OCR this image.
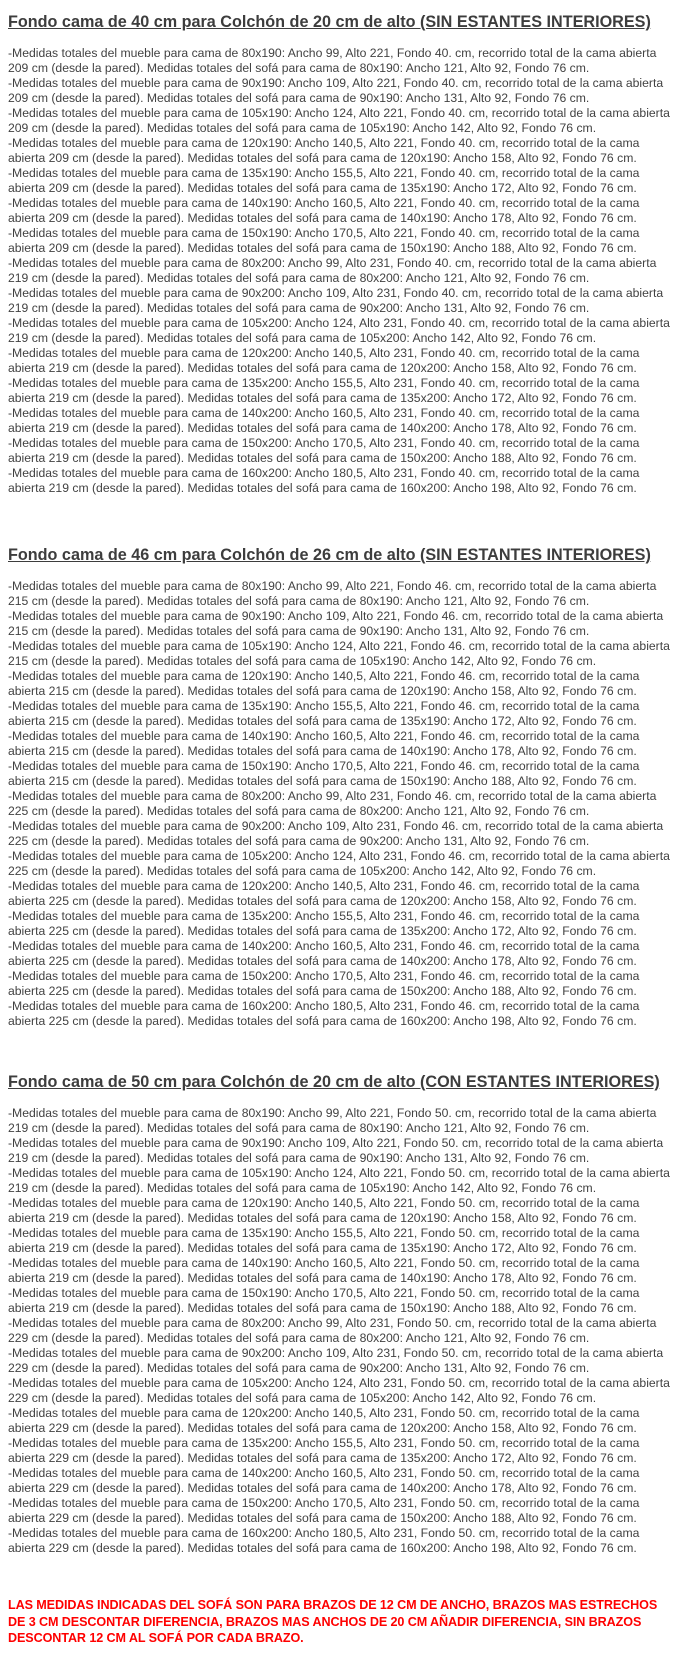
Fondo cama de 40 cm para Colchón de 20 cm de alto (SIN ESTANTES INTERIORES)
-Medidas totales del mueble para cama de 80x190: Ancho 99, Alto 221, Fondo 40. cm, recorrido total de la cama abierta 209 cm (desde la pared). Medidas totales del sofá para cama de 80x190: Ancho 121, Alto 92, Fondo 76 cm.
-Medidas totales del mueble para cama de 90x190: Ancho 109, Alto 221, Fondo 40. cm, recorrido total de la cama abierta 209 cm (desde la pared). Medidas totales del sofá para cama de 90x190: Ancho 131, Alto 92, Fondo 76 cm.
-Medidas totales del mueble para cama de 105x190: Ancho 124, Alto 221, Fondo 40. cm, recorrido total de la cama abierta 209 cm (desde la pared). Medidas totales del sofá para cama de 105x190: Ancho 142, Alto 92, Fondo 76 cm.
-Medidas totales del mueble para cama de 120x190: Ancho 140,5, Alto 221, Fondo 40. cm, recorrido total de la cama abierta 209 cm (desde la pared). Medidas totales del sofá para cama de 120x190: Ancho 158, Alto 92, Fondo 76 cm.
-Medidas totales del mueble para cama de 135x190: Ancho 155,5, Alto 221, Fondo 40. cm, recorrido total de la cama abierta 209 cm (desde la pared). Medidas totales del sofá para cama de 135x190: Ancho 172, Alto 92, Fondo 76 cm.
-Medidas totales del mueble para cama de 140x190: Ancho 160,5, Alto 221, Fondo 40. cm, recorrido total de la cama abierta 209 cm (desde la pared). Medidas totales del sofá para cama de 140x190: Ancho 178, Alto 92, Fondo 76 cm.
-Medidas totales del mueble para cama de 150x190: Ancho 170,5, Alto 221, Fondo 40. cm, recorrido total de la cama abierta 209 cm (desde la pared). Medidas totales del sofá para cama de 150x190: Ancho 188, Alto 92, Fondo 76 cm.
-Medidas totales del mueble para cama de 80x200: Ancho 99, Alto 231, Fondo 40. cm, recorrido total de la cama abierta 219 cm (desde la pared). Medidas totales del sofá para cama de 80x200: Ancho 121, Alto 92, Fondo 76 cm.
-Medidas totales del mueble para cama de 90x200: Ancho 109, Alto 231, Fondo 40. cm, recorrido total de la cama abierta 219 cm (desde la pared). Medidas totales del sofá para cama de 90x200: Ancho 131, Alto 92, Fondo 76 cm.
-Medidas totales del mueble para cama de 105x200: Ancho 124, Alto 231, Fondo 40. cm, recorrido total de la cama abierta 219 cm (desde la pared). Medidas totales del sofá para cama de 105x200: Ancho 142, Alto 92, Fondo 76 cm.
-Medidas totales del mueble para cama de 120x200: Ancho 140,5, Alto 231, Fondo 40. cm, recorrido total de la cama abierta 219 cm (desde la pared). Medidas totales del sofá para cama de 120x200: Ancho 158, Alto 92, Fondo 76 cm.
-Medidas totales del mueble para cama de 135x200: Ancho 155,5, Alto 231, Fondo 40. cm, recorrido total de la cama abierta 219 cm (desde la pared). Medidas totales del sofá para cama de 135x200: Ancho 172, Alto 92, Fondo 76 cm.
-Medidas totales del mueble para cama de 140x200: Ancho 160,5, Alto 231, Fondo 40. cm, recorrido total de la cama abierta 219 cm (desde la pared). Medidas totales del sofá para cama de 140x200: Ancho 178, Alto 92, Fondo 76 cm.
-Medidas totales del mueble para cama de 150x200: Ancho 170,5, Alto 231, Fondo 40. cm, recorrido total de la cama abierta 219 cm (desde la pared). Medidas totales del sofá para cama de 150x200: Ancho 188, Alto 92, Fondo 76 cm.
-Medidas totales del mueble para cama de 160x200: Ancho 180,5, Alto 231, Fondo 40. cm, recorrido total de la cama abierta 219 cm (desde la pared). Medidas totales del sofá para cama de 160x200: Ancho 198, Alto 92, Fondo 76 cm.
Fondo cama de 46 cm para Colchón de 26 cm de alto (SIN ESTANTES INTERIORES)
-Medidas totales del mueble para cama de 80x190: Ancho 99, Alto 221, Fondo 46. cm, recorrido total de la cama abierta 215 cm (desde la pared). Medidas totales del sofá para cama de 80x190: Ancho 121, Alto 92, Fondo 76 cm.
-Medidas totales del mueble para cama de 90x190: Ancho 109, Alto 221, Fondo 46. cm, recorrido total de la cama abierta 215 cm (desde la pared). Medidas totales del sofá para cama de 90x190: Ancho 131, Alto 92, Fondo 76 cm.
-Medidas totales del mueble para cama de 105x190: Ancho 124, Alto 221, Fondo 46. cm, recorrido total de la cama abierta 215 cm (desde la pared). Medidas totales del sofá para cama de 105x190: Ancho 142, Alto 92, Fondo 76 cm.
-Medidas totales del mueble para cama de 120x190: Ancho 140,5, Alto 221, Fondo 46. cm, recorrido total de la cama abierta 215 cm (desde la pared). Medidas totales del sofá para cama de 120x190: Ancho 158, Alto 92, Fondo 76 cm.
-Medidas totales del mueble para cama de 135x190: Ancho 155,5, Alto 221, Fondo 46. cm, recorrido total de la cama abierta 215 cm (desde la pared). Medidas totales del sofá para cama de 135x190: Ancho 172, Alto 92, Fondo 76 cm.
-Medidas totales del mueble para cama de 140x190: Ancho 160,5, Alto 221, Fondo 46. cm, recorrido total de la cama abierta 215 cm (desde la pared). Medidas totales del sofá para cama de 140x190: Ancho 178, Alto 92, Fondo 76 cm.
-Medidas totales del mueble para cama de 150x190: Ancho 170,5, Alto 221, Fondo 46. cm, recorrido total de la cama abierta 215 cm (desde la pared). Medidas totales del sofá para cama de 150x190: Ancho 188, Alto 92, Fondo 76 cm.
-Medidas totales del mueble para cama de 80x200: Ancho 99, Alto 231, Fondo 46. cm, recorrido total de la cama abierta 225 cm (desde la pared). Medidas totales del sofá para cama de 80x200: Ancho 121, Alto 92, Fondo 76 cm.
-Medidas totales del mueble para cama de 90x200: Ancho 109, Alto 231, Fondo 46. cm, recorrido total de la cama abierta 225 cm (desde la pared). Medidas totales del sofá para cama de 90x200: Ancho 131, Alto 92, Fondo 76 cm.
-Medidas totales del mueble para cama de 105x200: Ancho 124, Alto 231, Fondo 46. cm, recorrido total de la cama abierta 225 cm (desde la pared). Medidas totales del sofá para cama de 105x200: Ancho 142, Alto 92, Fondo 76 cm.
-Medidas totales del mueble para cama de 120x200: Ancho 140,5, Alto 231, Fondo 46. cm, recorrido total de la cama abierta 225 cm (desde la pared). Medidas totales del sofá para cama de 120x200: Ancho 158, Alto 92, Fondo 76 cm.
-Medidas totales del mueble para cama de 135x200: Ancho 155,5, Alto 231, Fondo 46. cm, recorrido total de la cama abierta 225 cm (desde la pared). Medidas totales del sofá para cama de 135x200: Ancho 172, Alto 92, Fondo 76 cm.
-Medidas totales del mueble para cama de 140x200: Ancho 160,5, Alto 231, Fondo 46. cm, recorrido total de la cama abierta 225 cm (desde la pared). Medidas totales del sofá para cama de 140x200: Ancho 178, Alto 92, Fondo 76 cm.
-Medidas totales del mueble para cama de 150x200: Ancho 170,5, Alto 231, Fondo 46. cm, recorrido total de la cama abierta 225 cm (desde la pared). Medidas totales del sofá para cama de 150x200: Ancho 188, Alto 92, Fondo 76 cm.
-Medidas totales del mueble para cama de 160x200: Ancho 180,5, Alto 231, Fondo 46. cm, recorrido total de la cama abierta 225 cm (desde la pared). Medidas totales del sofá para cama de 160x200: Ancho 198, Alto 92, Fondo 76 cm.
Fondo cama de 50 cm para Colchón de 20 cm de alto (CON ESTANTES INTERIORES)
-Medidas totales del mueble para cama de 80x190: Ancho 99, Alto 221, Fondo 50. cm, recorrido total de la cama abierta 219 cm (desde la pared). Medidas totales del sofá para cama de 80x190: Ancho 121, Alto 92, Fondo 76 cm.
-Medidas totales del mueble para cama de 90x190: Ancho 109, Alto 221, Fondo 50. cm, recorrido total de la cama abierta 219 cm (desde la pared). Medidas totales del sofá para cama de 90x190: Ancho 131, Alto 92, Fondo 76 cm.
-Medidas totales del mueble para cama de 105x190: Ancho 124, Alto 221, Fondo 50. cm, recorrido total de la cama abierta 219 cm (desde la pared). Medidas totales del sofá para cama de 105x190: Ancho 142, Alto 92, Fondo 76 cm.
-Medidas totales del mueble para cama de 120x190: Ancho 140,5, Alto 221, Fondo 50. cm, recorrido total de la cama abierta 219 cm (desde la pared). Medidas totales del sofá para cama de 120x190: Ancho 158, Alto 92, Fondo 76 cm.
-Medidas totales del mueble para cama de 135x190: Ancho 155,5, Alto 221, Fondo 50. cm, recorrido total de la cama abierta 219 cm (desde la pared). Medidas totales del sofá para cama de 135x190: Ancho 172, Alto 92, Fondo 76 cm.
-Medidas totales del mueble para cama de 140x190: Ancho 160,5, Alto 221, Fondo 50. cm, recorrido total de la cama abierta 219 cm (desde la pared). Medidas totales del sofá para cama de 140x190: Ancho 178, Alto 92, Fondo 76 cm.
-Medidas totales del mueble para cama de 150x190: Ancho 170,5, Alto 221, Fondo 50. cm, recorrido total de la cama abierta 219 cm (desde la pared). Medidas totales del sofá para cama de 150x190: Ancho 188, Alto 92, Fondo 76 cm.
-Medidas totales del mueble para cama de 80x200: Ancho 99, Alto 231, Fondo 50. cm, recorrido total de la cama abierta 229 cm (desde la pared). Medidas totales del sofá para cama de 80x200: Ancho 121, Alto 92, Fondo 76 cm.
-Medidas totales del mueble para cama de 90x200: Ancho 109, Alto 231, Fondo 50. cm, recorrido total de la cama abierta 229 cm (desde la pared). Medidas totales del sofá para cama de 90x200: Ancho 131, Alto 92, Fondo 76 cm.
-Medidas totales del mueble para cama de 105x200: Ancho 124, Alto 231, Fondo 50. cm, recorrido total de la cama abierta 229 cm (desde la pared). Medidas totales del sofá para cama de 105x200: Ancho 142, Alto 92, Fondo 76 cm.
-Medidas totales del mueble para cama de 120x200: Ancho 140,5, Alto 231, Fondo 50. cm, recorrido total de la cama abierta 229 cm (desde la pared). Medidas totales del sofá para cama de 120x200: Ancho 158, Alto 92, Fondo 76 cm.
-Medidas totales del mueble para cama de 135x200: Ancho 155,5, Alto 231, Fondo 50. cm, recorrido total de la cama abierta 229 cm (desde la pared). Medidas totales del sofá para cama de 135x200: Ancho 172, Alto 92, Fondo 76 cm.
-Medidas totales del mueble para cama de 140x200: Ancho 160,5, Alto 231, Fondo 50. cm, recorrido total de la cama abierta 229 cm (desde la pared). Medidas totales del sofá para cama de 140x200: Ancho 178, Alto 92, Fondo 76 cm.
-Medidas totales del mueble para cama de 150x200: Ancho 170,5, Alto 231, Fondo 50. cm, recorrido total de la cama abierta 229 cm (desde la pared). Medidas totales del sofá para cama de 150x200: Ancho 188, Alto 92, Fondo 76 cm.
-Medidas totales del mueble para cama de 160x200: Ancho 180,5, Alto 231, Fondo 50. cm, recorrido total de la cama abierta 229 cm (desde la pared). Medidas totales del sofá para cama de 160x200: Ancho 198, Alto 92, Fondo 76 cm.

LAS MEDIDAS INDICADAS DEL SOFÁ SON PARA BRAZOS DE 12 CM DE ANCHO, BRAZOS MAS ESTRECHOS DE 3 CM DESCONTAR DIFERENCIA, BRAZOS MAS ANCHOS DE 20 CM AÑADIR DIFERENCIA, SIN BRAZOS DESCONTAR 12 CM AL SOFÁ POR CADA BRAZO.
